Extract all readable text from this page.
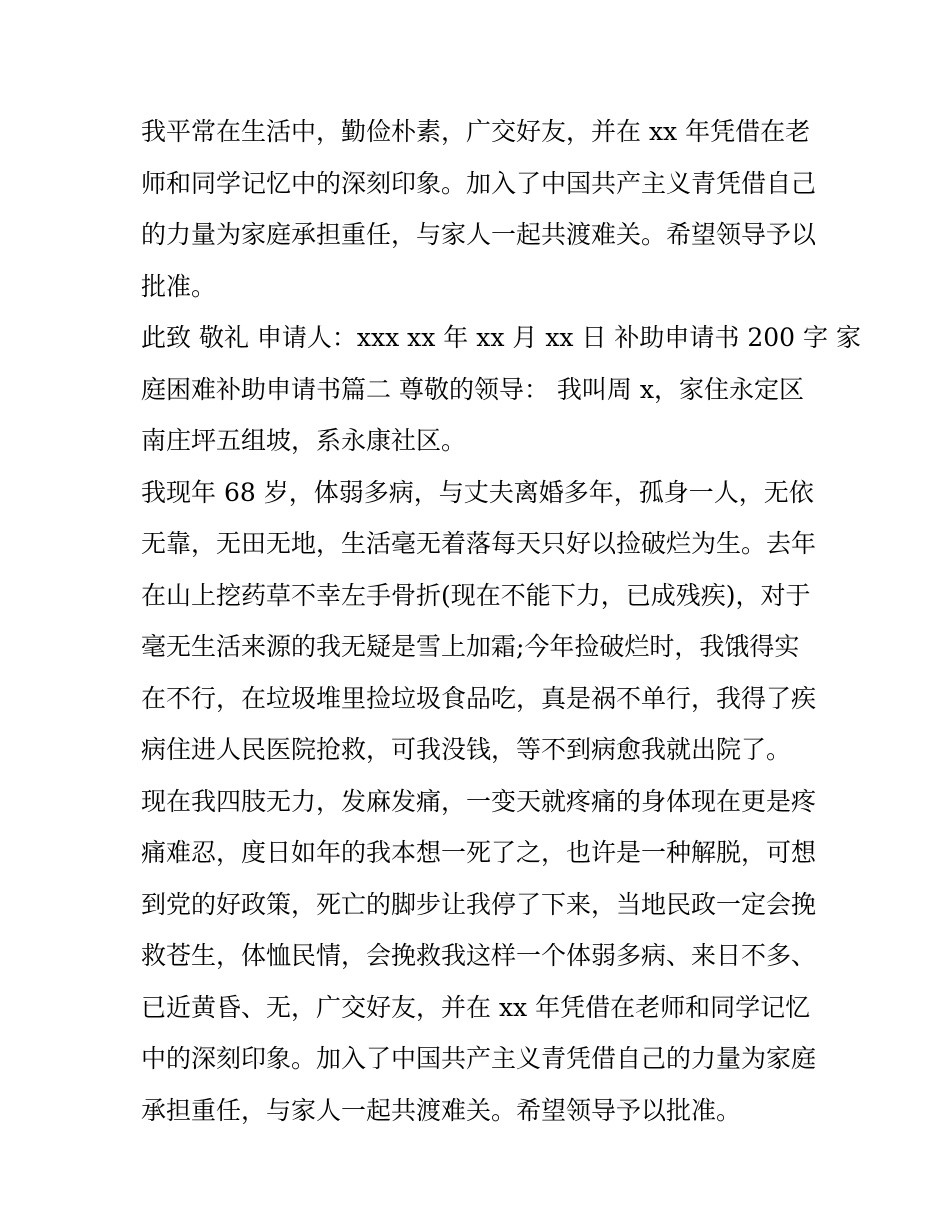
我平常在生活中，勤俭朴素，广交好友，并在 xx 年凭借在老
师和同学记忆中的深刻印象。加入了中国共产主义青凭借自己
的力量为家庭承担重任，与家人一起共渡难关。希望领导予以
批准。
此致 敬礼 申请人：xxx xx 年 xx 月 xx 日 补助申请书 200 字 家
庭困难补助申请书篇二 尊敬的领导： 我叫周 x，家住永定区
南庄坪五组坡，系永康社区。
我现年 68 岁，体弱多病，与丈夫离婚多年，孤身一人，无依
无靠，无田无地，生活毫无着落每天只好以捡破烂为生。去年
在山上挖药草不幸左手骨折(现在不能下力，已成残疾)，对于
毫无生活来源的我无疑是雪上加霜;今年捡破烂时，我饿得实
在不行，在垃圾堆里捡垃圾食品吃，真是祸不单行，我得了疾
病住进人民医院抢救，可我没钱，等不到病愈我就出院了。
现在我四肢无力，发麻发痛，一变天就疼痛的身体现在更是疼
痛难忍，度日如年的我本想一死了之，也许是一种解脱，可想
到党的好政策，死亡的脚步让我停了下来，当地民政一定会挽
救苍生，体恤民情，会挽救我这样一个体弱多病、来日不多、
已近黄昏、无，广交好友，并在 xx 年凭借在老师和同学记忆
中的深刻印象。加入了中国共产主义青凭借自己的力量为家庭
承担重任，与家人一起共渡难关。希望领导予以批准。
